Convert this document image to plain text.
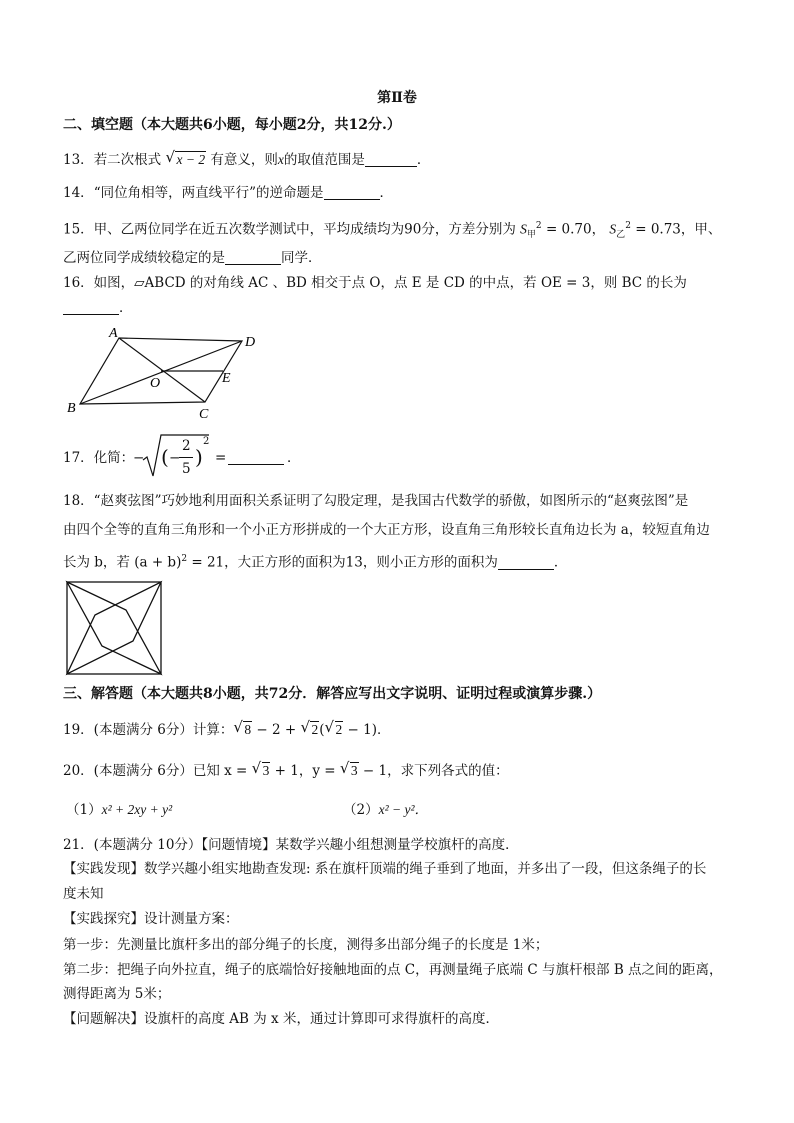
第Ⅱ卷
二、填空题（本大题共6小题，每小题2分，共12分.）
13．若二次根式 √ x − 2 有意义，则x的取值范围是	．
14．“同位角相等，两直线平行”的逆命题是	．
15．甲、乙两位同学在近五次数学测试中，平均成绩均为90分，方差分别为 $S_甲^2 = 0.70$， $S_乙^2 = 0.73$，甲、
乙两位同学成绩较稳定的是	同学．
16．如图，▱ABCD 的对角线 AC 、BD 相交于点 O，点 E 是 CD 的中点，若 OE = 3，则 BC 的长为
．
A
D
B	C
O	E
17．化简：
− ( −
2
5 )
2
=	．
18．“赵爽弦图”巧妙地利用面积关系证明了勾股定理，是我国古代数学的骄傲，如图所示的“赵爽弦图”是
由四个全等的直角三角形和一个小正方形拼成的一个大正方形，设直角三角形较长直角边长为 a，较短直角边
长为 b，若 $(a + b)^2 = 21$，大正方形的面积为13，则小正方形的面积为	．
三、解答题（本大题共8小题，共72分．解答应写出文字说明、证明过程或演算步骤.）
19．(本题满分 6分）计算： √ 8 − 2 + √ 2( √ 2 − 1)．
20．(本题满分 6分）已知 x = √ 3 + 1，y = √ 3 − 1，求下列各式的值：
（1）x² + 2xy + y²	（2）x² − y²．
21．(本题满分 10分）【问题情境】某数学兴趣小组想测量学校旗杆的高度．
【实践发现】数学兴趣小组实地勘查发现: 系在旗杆顶端的绳子垂到了地面，并多出了一段，但这条绳子的长
度未知
【实践探究】设计测量方案：
第一步：先测量比旗杆多出的部分绳子的长度，测得多出部分绳子的长度是 1米；
第二步：把绳子向外拉直，绳子的底端恰好接触地面的点 C，再测量绳子底端 C 与旗杆根部 B 点之间的距离，
测得距离为 5米；
【问题解决】设旗杆的高度 AB 为 x 米，通过计算即可求得旗杆的高度．
